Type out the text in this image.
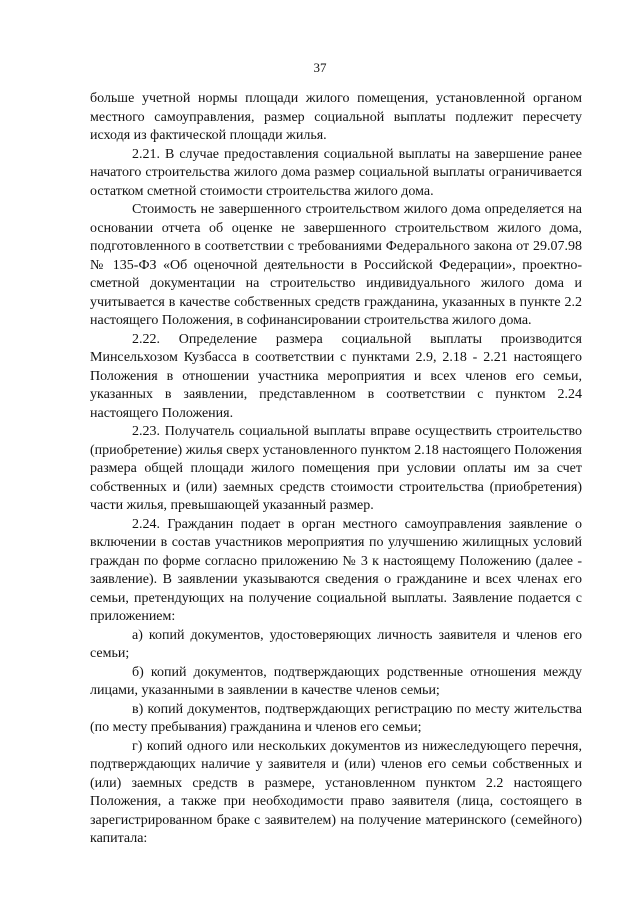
37

больше учетной нормы площади жилого помещения, установленной органом местного самоуправления, размер социальной выплаты подлежит пересчету исходя из фактической площади жилья.

2.21. В случае предоставления социальной выплаты на завершение ранее начатого строительства жилого дома размер социальной выплаты ограничивается остатком сметной стоимости строительства жилого дома.

Стоимость не завершенного строительством жилого дома определяется на основании отчета об оценке не завершенного строительством жилого дома, подготовленного в соответствии с требованиями Федерального закона от 29.07.98 № 135-ФЗ «Об оценочной деятельности в Российской Федерации», проектно-сметной документации на строительство индивидуального жилого дома и учитывается в качестве собственных средств гражданина, указанных в пункте 2.2 настоящего Положения, в софинансировании строительства жилого дома.

2.22. Определение размера социальной выплаты производится Минсельхозом Кузбасса в соответствии с пунктами 2.9, 2.18 - 2.21 настоящего Положения в отношении участника мероприятия и всех членов его семьи, указанных в заявлении, представленном в соответствии с пунктом 2.24 настоящего Положения.

2.23. Получатель социальной выплаты вправе осуществить строительство (приобретение) жилья сверх установленного пунктом 2.18 настоящего Положения размера общей площади жилого помещения при условии оплаты им за счет собственных и (или) заемных средств стоимости строительства (приобретения) части жилья, превышающей указанный размер.

2.24. Гражданин подает в орган местного самоуправления заявление о включении в состав участников мероприятия по улучшению жилищных условий граждан по форме согласно приложению № 3 к настоящему Положению (далее - заявление). В заявлении указываются сведения о гражданине и всех членах его семьи, претендующих на получение социальной выплаты. Заявление подается с приложением:

а) копий документов, удостоверяющих личность заявителя и членов его семьи;

б) копий документов, подтверждающих родственные отношения между лицами, указанными в заявлении в качестве членов семьи;

в) копий документов, подтверждающих регистрацию по месту жительства (по месту пребывания) гражданина и членов его семьи;

г) копий одного или нескольких документов из нижеследующего перечня, подтверждающих наличие у заявителя и (или) членов его семьи собственных и (или) заемных средств в размере, установленном пунктом 2.2 настоящего Положения, а также при необходимости право заявителя (лица, состоящего в зарегистрированном браке с заявителем) на получение материнского (семейного) капитала:
